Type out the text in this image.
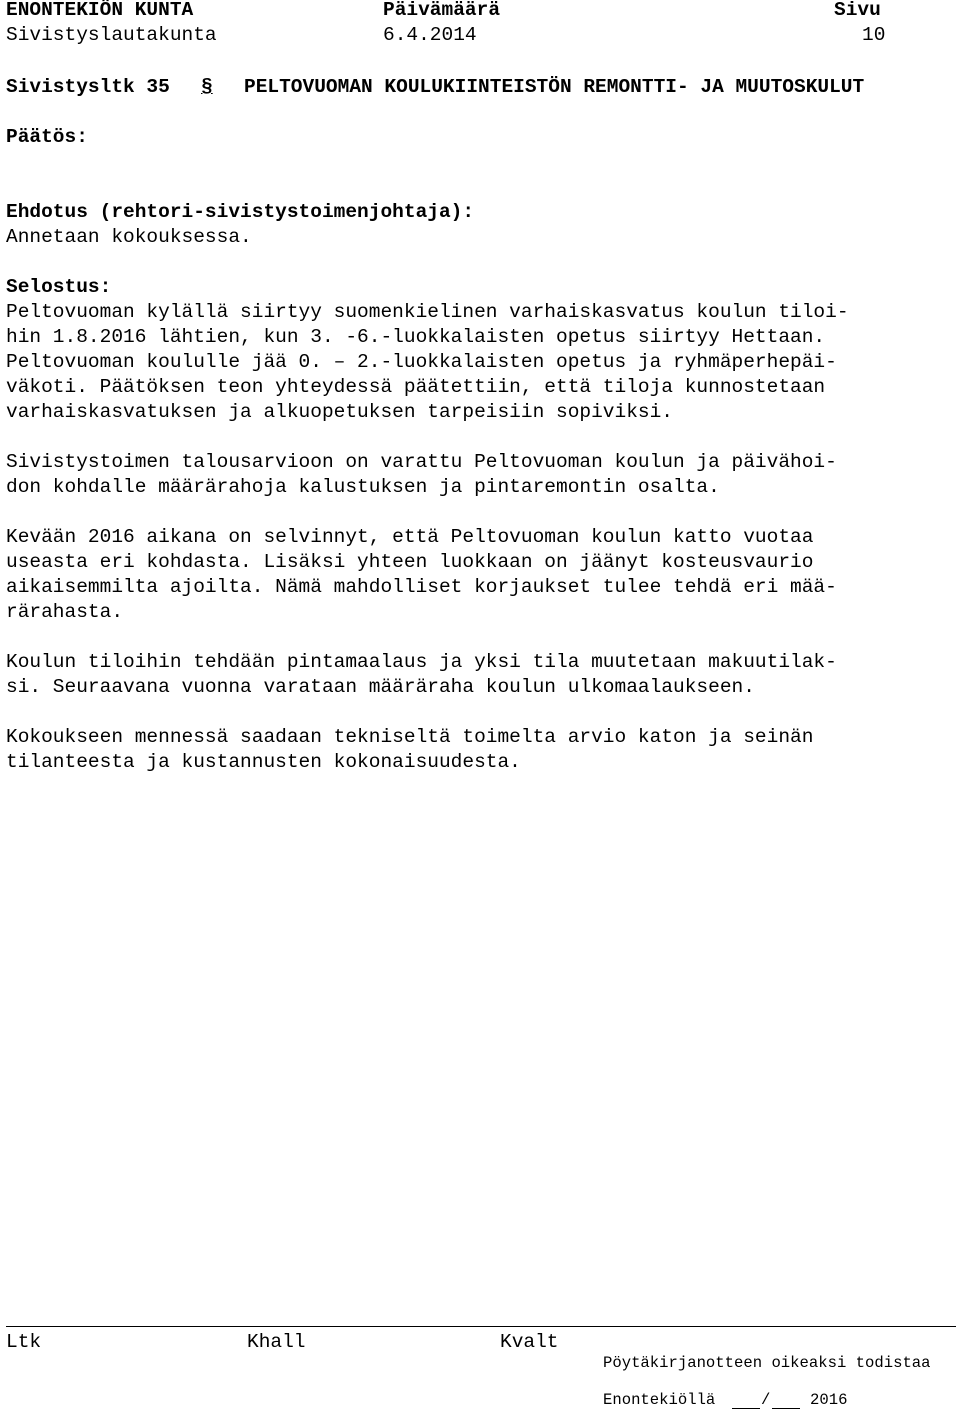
ENONTEKIÖN KUNTA	Päivämäärä	Sivu
Sivistyslautakunta	6.4.2014	10
Sivistysltk 35 § PELTOVUOMAN KOULUKIINTEISTÖN REMONTTI- JA MUUTOSKULUT
Päätös:
Ehdotus (rehtori-sivistystoimenjohtaja):
Annetaan kokouksessa.
Selostus:
Peltovuoman kylällä siirtyy suomenkielinen varhaiskasvatus koulun tiloi-
hin 1.8.2016 lähtien, kun 3. -6.-luokkalaisten opetus siirtyy Hettaan.
Peltovuoman koululle jää 0. – 2.-luokkalaisten opetus ja ryhmäperhepäi-
väkoti. Päätöksen teon yhteydessä päätettiin, että tiloja kunnostetaan
varhaiskasvatuksen ja alkuopetuksen tarpeisiin sopiviksi.
Sivistystoimen talousarvioon on varattu Peltovuoman koulun ja päivähoi-
don kohdalle määrärahoja kalustuksen ja pintaremontin osalta.
Kevään 2016 aikana on selvinnyt, että Peltovuoman koulun katto vuotaa
useasta eri kohdasta. Lisäksi yhteen luokkaan on jäänyt kosteusvaurio
aikaisemmilta ajoilta. Nämä mahdolliset korjaukset tulee tehdä eri mää-
rärahasta.
Koulun tiloihin tehdään pintamaalaus ja yksi tila muutetaan makuutilak-
si. Seuraavana vuonna varataan määräraha koulun ulkomaalaukseen.
Kokoukseen mennessä saadaan tekniseltä toimelta arvio katon ja seinän
tilanteesta ja kustannusten kokonaisuudesta.
Ltk	Khall	Kvalt
Pöytäkirjanotteen oikeaksi todistaa
Enontekiöllä	/	2016
